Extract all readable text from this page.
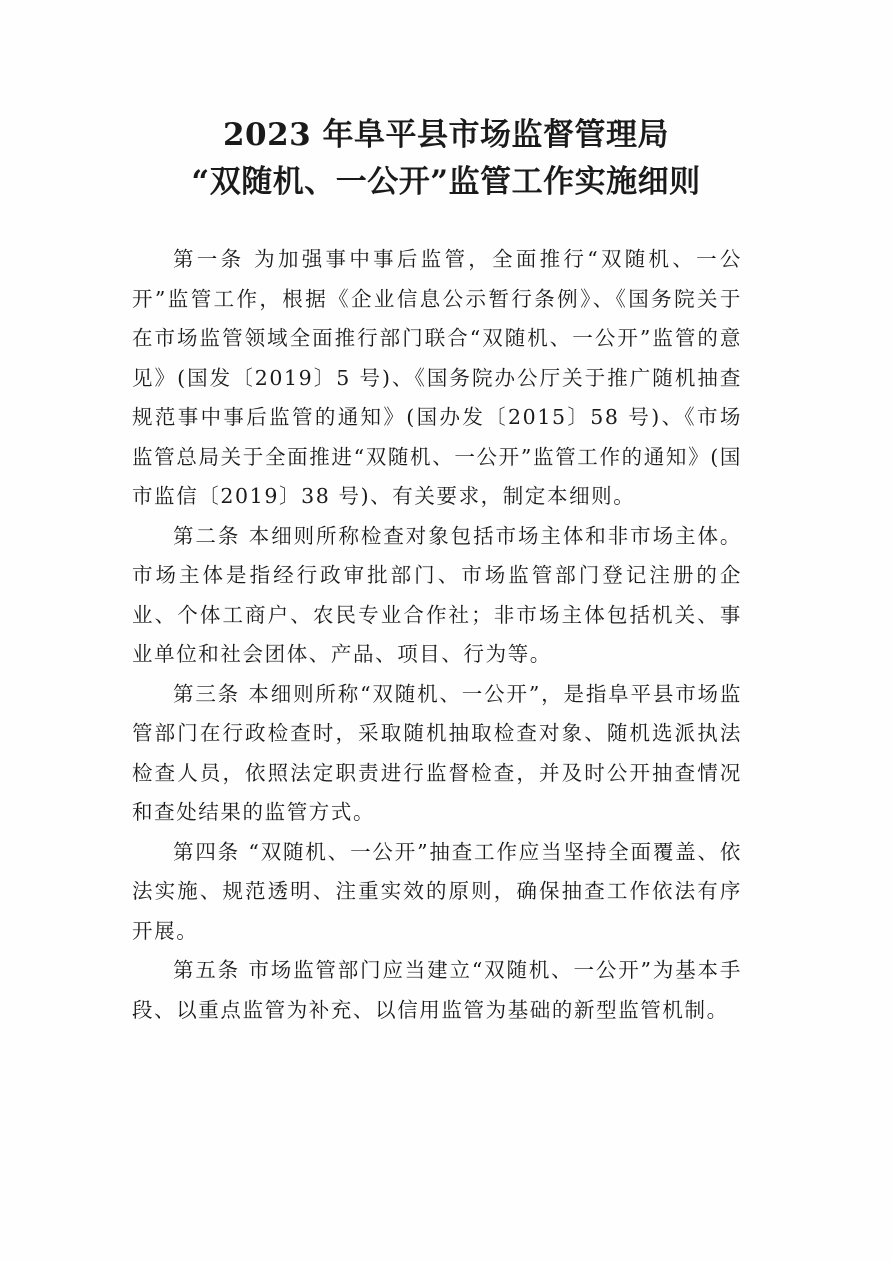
2023 年阜平县市场监督管理局
“双随机、一公开”监管工作实施细则

第一条 为加强事中事后监管，全面推行“双随机、一公开”监管工作，根据《企业信息公示暂行条例》、《国务院关于在市场监管领域全面推行部门联合“双随机、一公开”监管的意见》(国发〔2019〕5 号)、《国务院办公厅关于推广随机抽查规范事中事后监管的通知》(国办发〔2015〕58 号)、《市场监管总局关于全面推进“双随机、一公开”监管工作的通知》(国市监信〔2019〕38 号)、有关要求，制定本细则。

第二条 本细则所称检查对象包括市场主体和非市场主体。市场主体是指经行政审批部门、市场监管部门登记注册的企业、个体工商户、农民专业合作社；非市场主体包括机关、事业单位和社会团体、产品、项目、行为等。

第三条 本细则所称“双随机、一公开”，是指阜平县市场监管部门在行政检查时，采取随机抽取检查对象、随机选派执法检查人员，依照法定职责进行监督检查，并及时公开抽查情况和查处结果的监管方式。

第四条 “双随机、一公开”抽查工作应当坚持全面覆盖、依法实施、规范透明、注重实效的原则，确保抽查工作依法有序开展。

第五条 市场监管部门应当建立“双随机、一公开”为基本手段、以重点监管为补充、以信用监管为基础的新型监管机制。
